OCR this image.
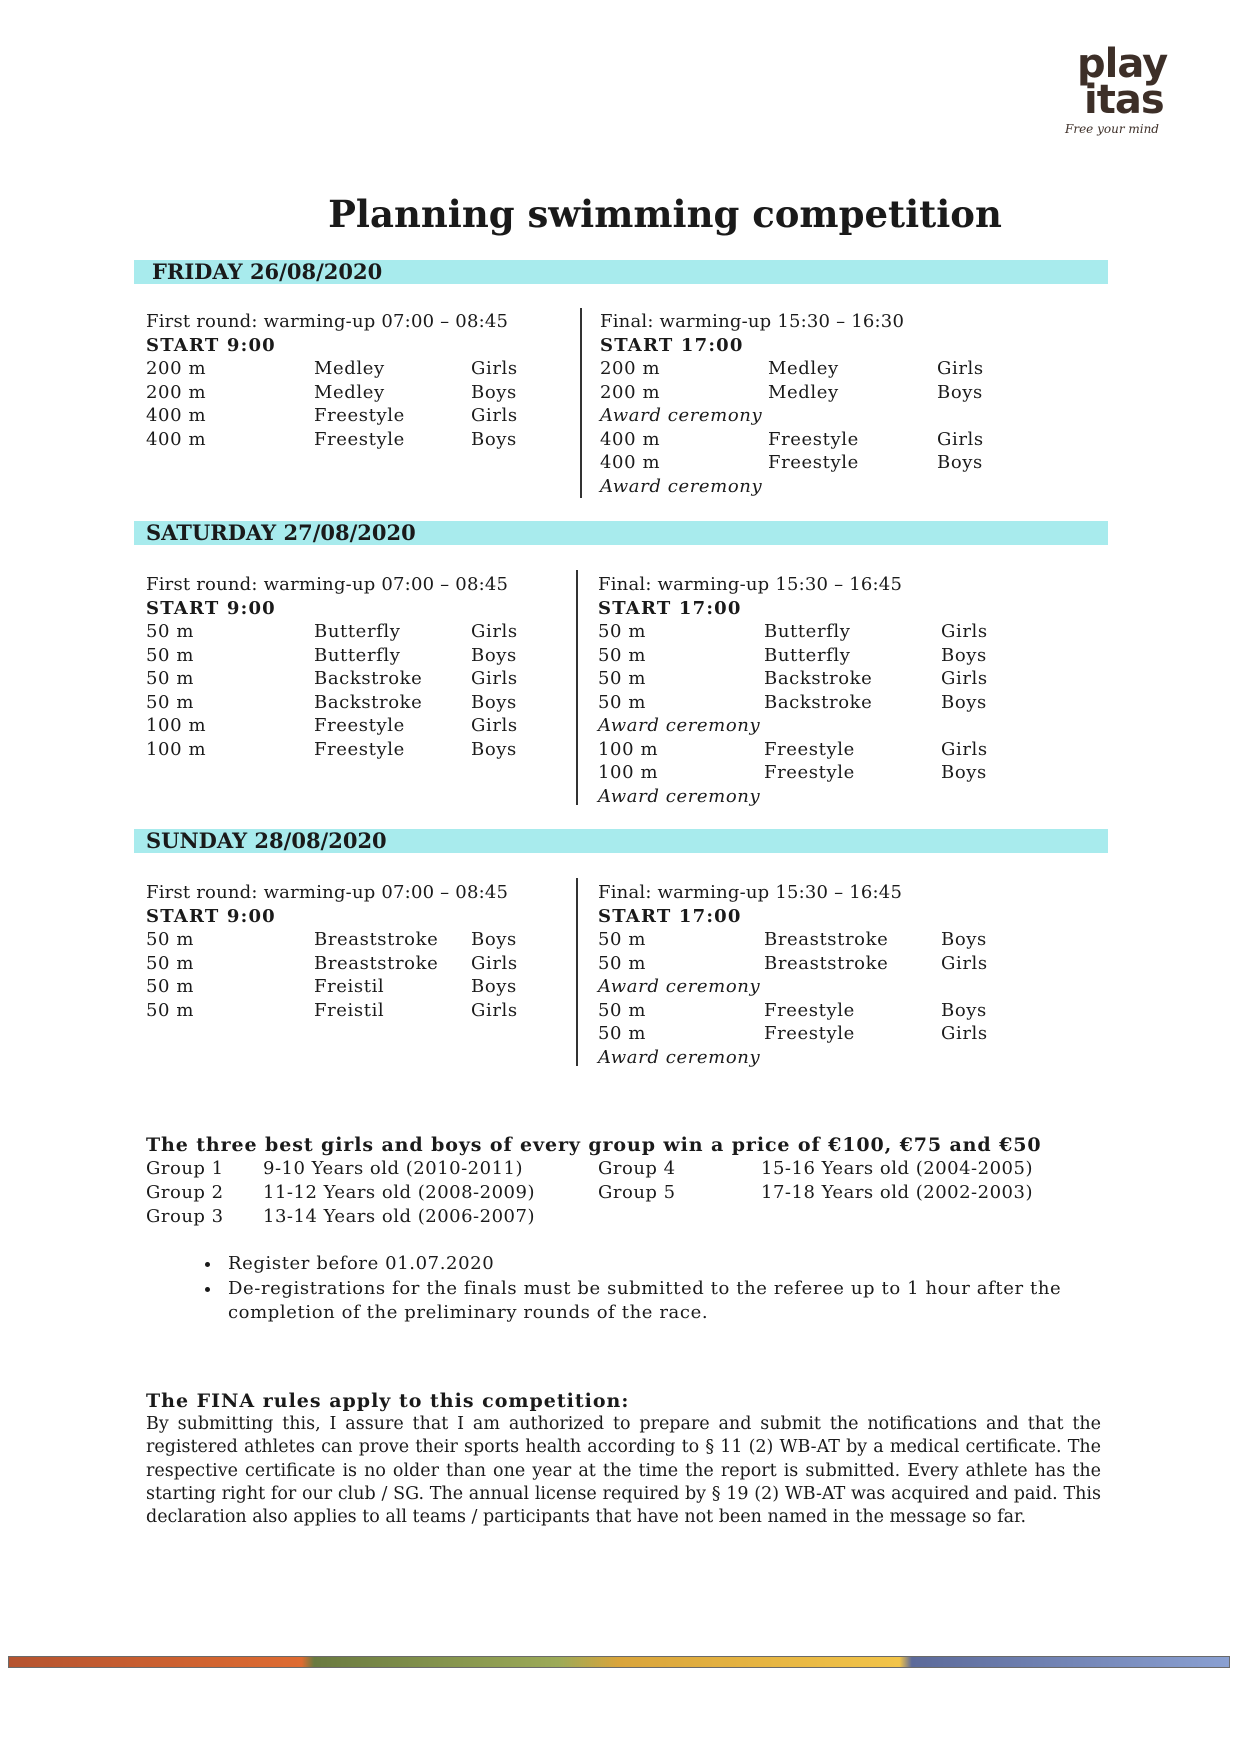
play
itas
Free your mind
Planning swimming competition
FRIDAY 26/08/2020
First round: warming-up 07:00 – 08:45
START 9:00
200 m	Medley	Girls
200 m	Medley	Boys
400 m	Freestyle	Girls
400 m	Freestyle	Boys
Final: warming-up 15:30 – 16:30
START 17:00
200 m	Medley	Girls
200 m	Medley	Boys
Award ceremony
400 m	Freestyle	Girls
400 m	Freestyle	Boys
Award ceremony
SATURDAY 27/08/2020
First round: warming-up 07:00 – 08:45
START 9:00
50 m	Butterfly	Girls
50 m	Butterfly	Boys
50 m	Backstroke	Girls
50 m	Backstroke	Boys
100 m	Freestyle	Girls
100 m	Freestyle	Boys
Final: warming-up 15:30 – 16:45
START 17:00
50 m	Butterfly	Girls
50 m	Butterfly	Boys
50 m	Backstroke	Girls
50 m	Backstroke	Boys
Award ceremony
100 m	Freestyle	Girls
100 m	Freestyle	Boys
Award ceremony
SUNDAY 28/08/2020
First round: warming-up 07:00 – 08:45
START 9:00
50 m	Breaststroke Boys
50 m	Breaststroke Girls
50 m	Freistil	Boys
50 m	Freistil	Girls
Final: warming-up 15:30 – 16:45
START 17:00
50 m	Breaststroke	Boys
50 m	Breaststroke	Girls
Award ceremony
50 m	Freestyle	Boys
50 m	Freestyle	Girls
Award ceremony
The three best girls and boys of every group win a price of €100, €75 and €50
Group 1 9-10 Years old (2010-2011)	Group 4	15-16 Years old (2004-2005)
Group 2 11-12 Years old (2008-2009)	Group 5	17-18 Years old (2002-2003)
Group 3 13-14 Years old (2006-2007)
• Register before 01.07.2020
• De-registrations for the finals must be submitted to the referee up to 1 hour after the completion of the preliminary rounds of the race.
The FINA rules apply to this competition:

By submitting this, I assure that I am authorized to prepare and submit the notifications and that the registered athletes can prove their sports health according to § 11 (2) WB-AT by a medical certificate. The respective certificate is no older than one year at the time the report is submitted. Every athlete has the starting right for our club / SG. The annual license required by § 19 (2) WB-AT was acquired and paid. This declaration also applies to all teams / participants that have not been named in the message so far.
